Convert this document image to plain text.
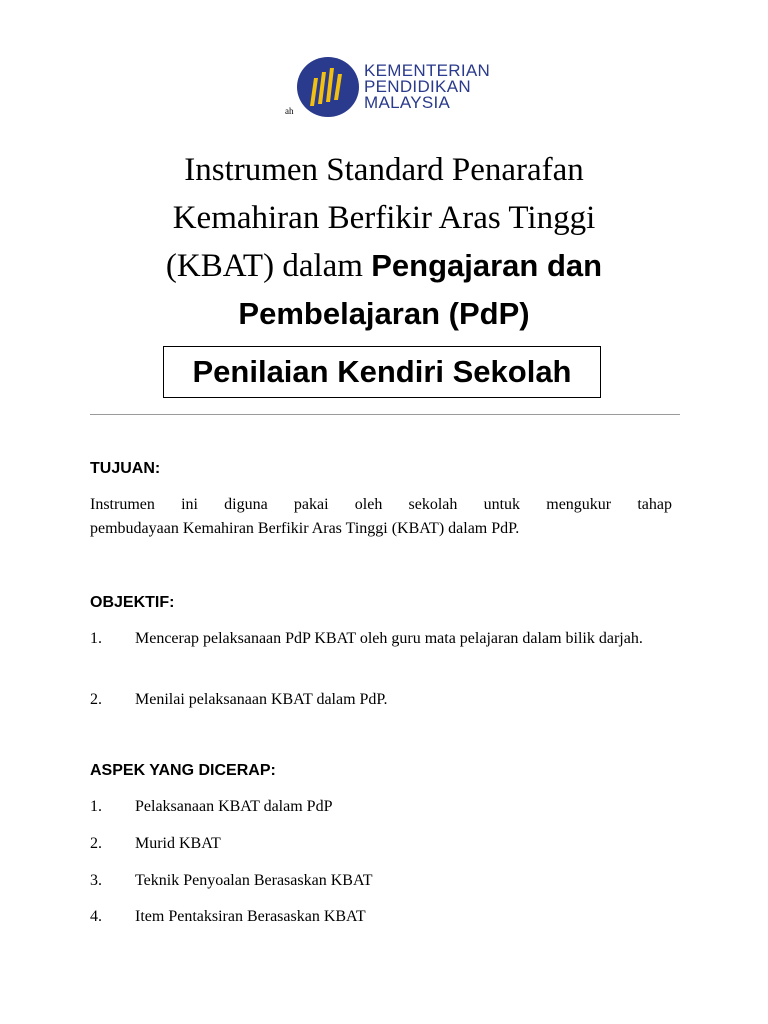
KEMENTERIAN
PENDIDIKAN
MALAYSIA
ah
Instrumen Standard Penarafan
Kemahiran Berfikir Aras Tinggi
(KBAT) dalam Pengajaran dan
Pembelajaran (PdP)
Penilaian Kendiri Sekolah
TUJUAN:
Instrumen ini diguna pakai oleh sekolah untuk mengukur tahap
pembudayaan Kemahiran Berfikir Aras Tinggi (KBAT) dalam PdP.
OBJEKTIF:
1. Mencerap pelaksanaan PdP KBAT oleh guru mata pelajaran dalam bilik darjah.
2. Menilai pelaksanaan KBAT dalam PdP.
ASPEK YANG DICERAP:
1. Pelaksanaan KBAT dalam PdP
2. Murid KBAT
3. Teknik Penyoalan Berasaskan KBAT
4. Item Pentaksiran Berasaskan KBAT
